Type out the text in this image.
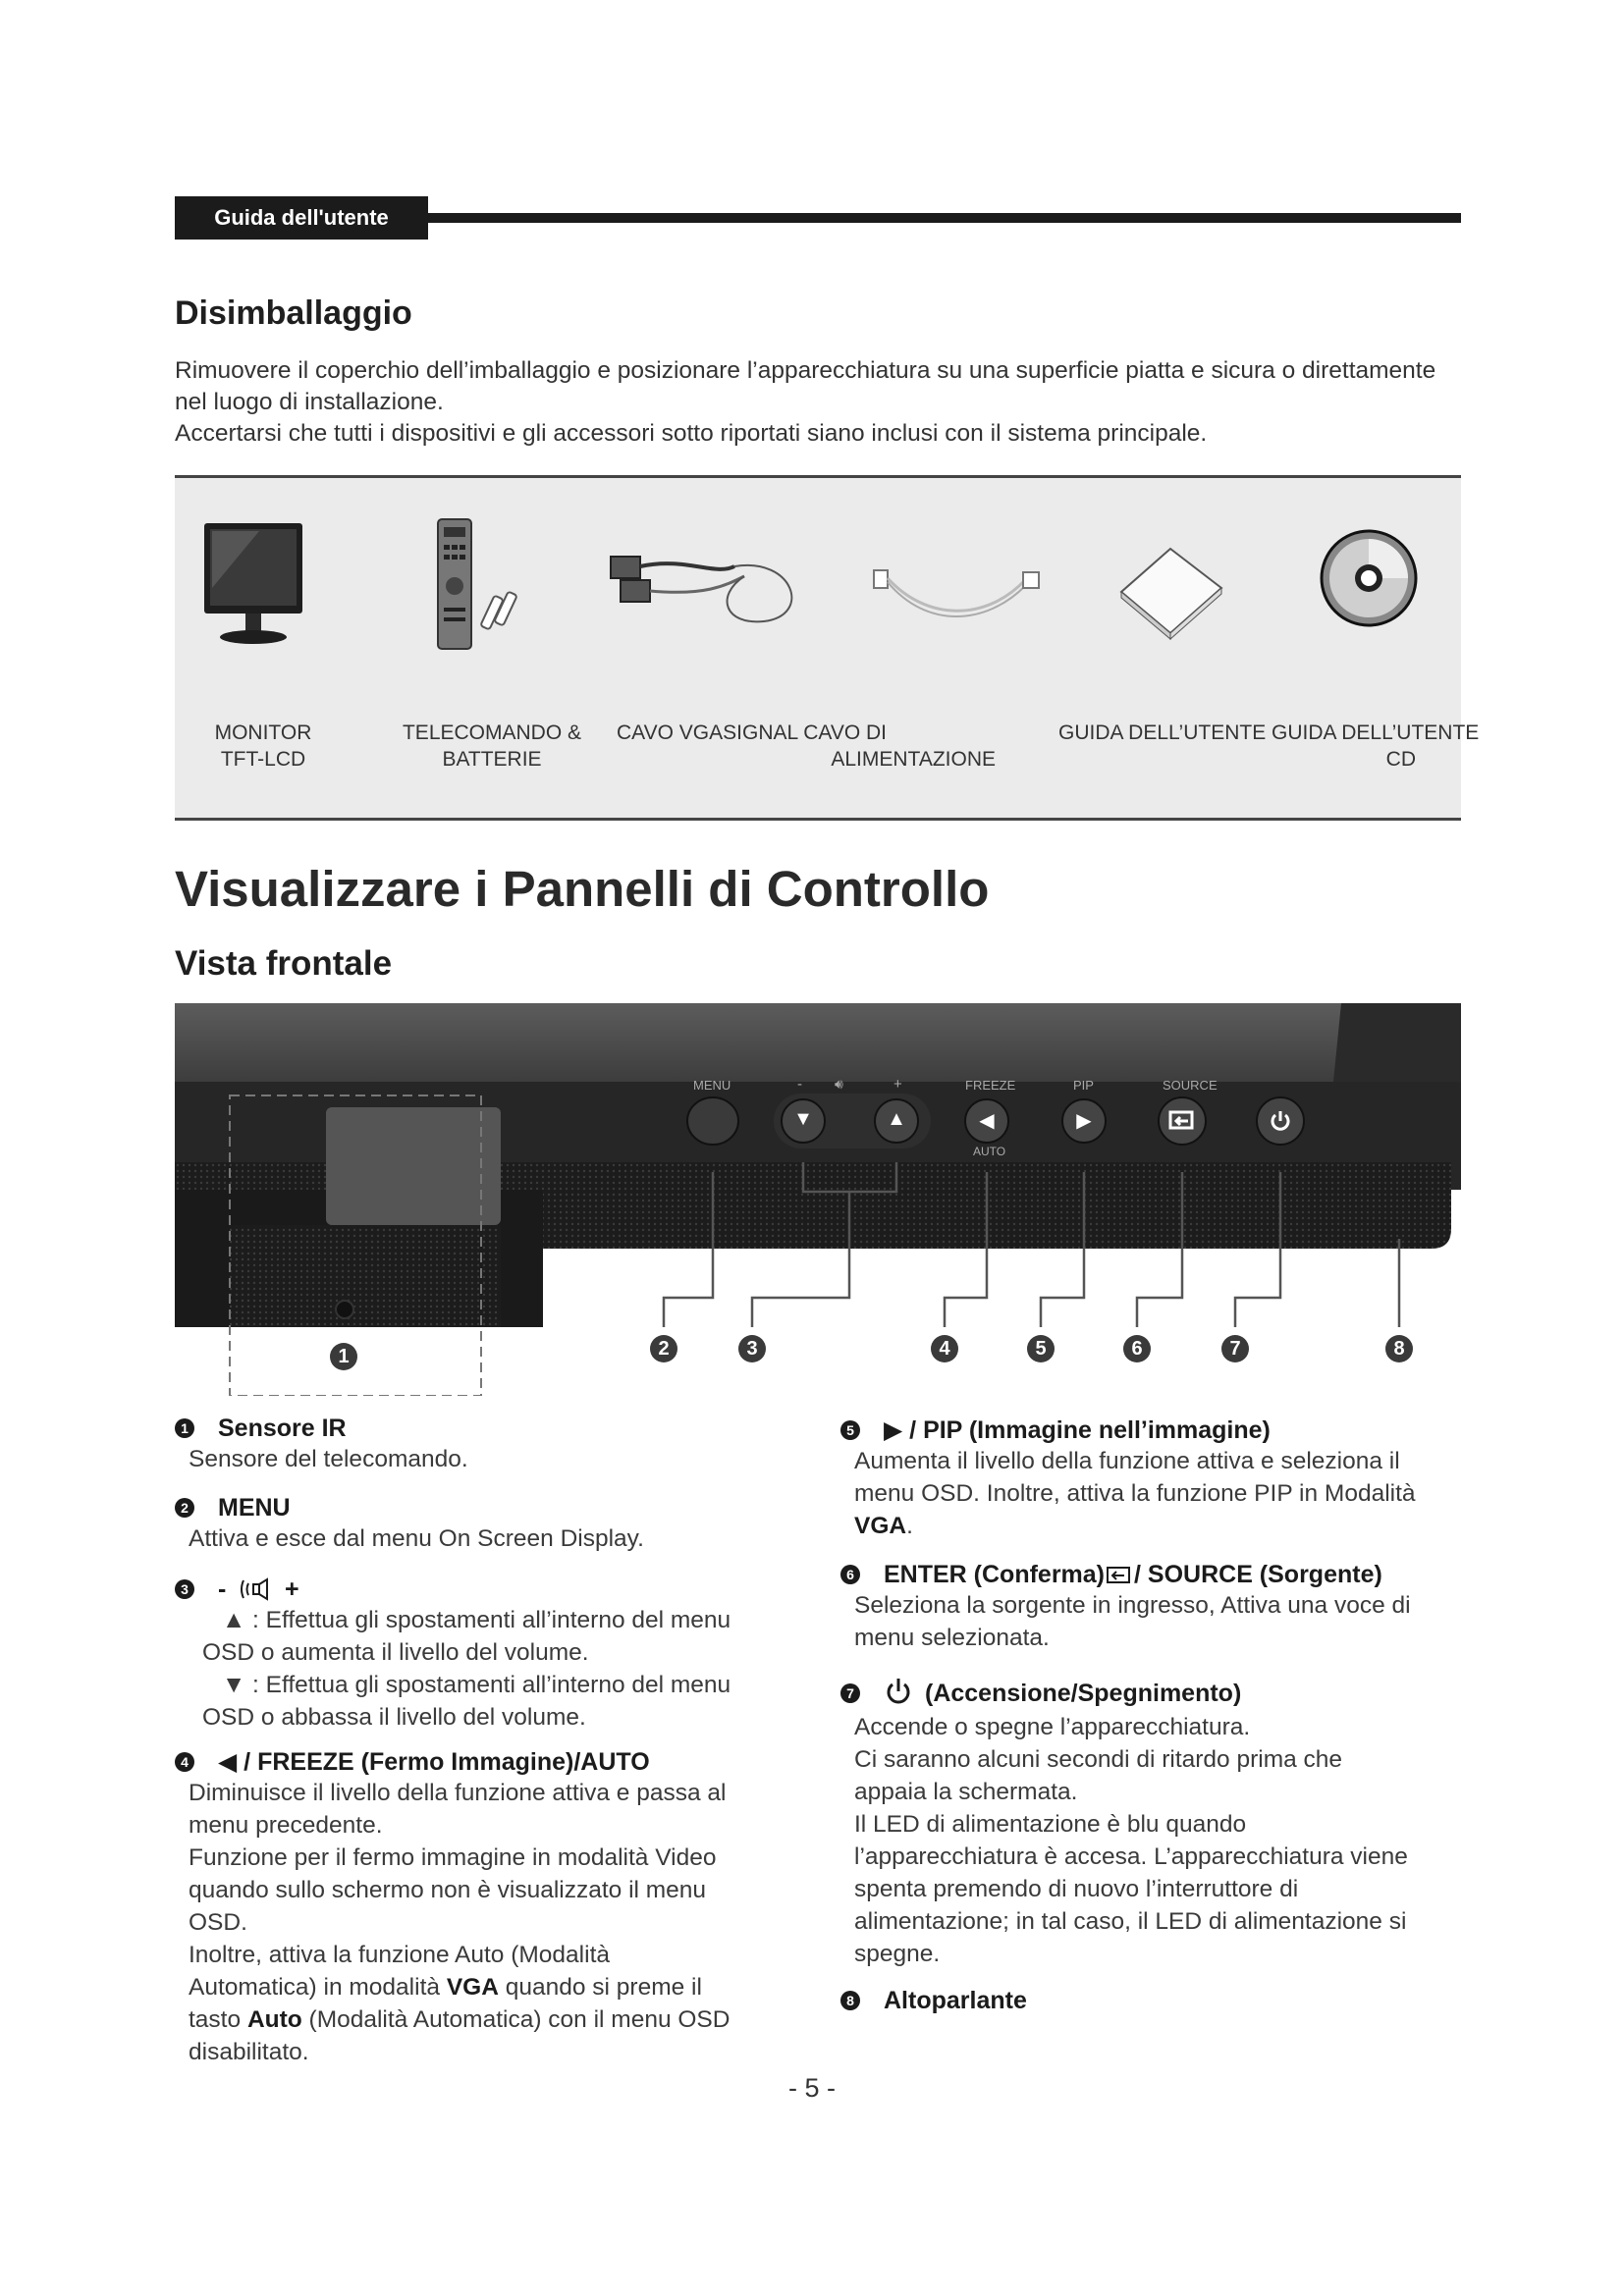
Guida dell'utente
Disimballaggio
Rimuovere il coperchio dell’imballaggio e posizionare l’apparecchiatura su una superficie piatta e sicura o direttamente nel luogo di installazione.
Accertarsi che tutti i dispositivi e gli accessori sotto riportati siano inclusi con il sistema principale.
MONITOR
TFT-LCD
TELECOMANDO &
BATTERIE
CAVO VGASIGNAL CAVO DI
ALIMENTAZIONE
GUIDA DELL’UTENTE GUIDA DELL’UTENTE
CD
Visualizzare i Pannelli di Controllo
Vista frontale
▼	▲	◀	▶
MENU	- 🔊︎	+	FREEZE	PIP	SOURCE
AUTO
1	2	3	4	5	6	7	8
1 Sensore IR
Sensore del telecomando.
2 MENU
Attiva e esce dal menu On Screen Display.
3 - +
▲ : Effettua gli spostamenti all’interno del menu
OSD o aumenta il livello del volume.
▼ : Effettua gli spostamenti all’interno del menu
OSD o abbassa il livello del volume.
4 ◀ / FREEZE (Fermo Immagine)/AUTO
Diminuisce il livello della funzione attiva e passa al menu precedente.
Funzione per il fermo immagine in modalità Video quando sullo schermo non è visualizzato il menu OSD.
Inoltre, attiva la funzione Auto (Modalità Automatica) in modalità VGA quando si preme il tasto Auto (Modalità Automatica) con il menu OSD disabilitato.
5 ▶ / PIP (Immagine nell’immagine)
Aumenta il livello della funzione attiva e seleziona il menu OSD. Inoltre, attiva la funzione PIP in Modalità VGA.
6 ENTER (Conferma) / SOURCE (Sorgente)
Seleziona la sorgente in ingresso, Attiva una voce di menu selezionata.
7	(Accensione/Spegnimento)
Accende o spegne l’apparecchiatura.
Ci saranno alcuni secondi di ritardo prima che appaia la schermata.
Il LED di alimentazione è blu quando l’apparecchiatura è accesa. L’apparecchiatura viene spenta premendo di nuovo l’interruttore di alimentazione; in tal caso, il LED di alimentazione si spegne.
8 Altoparlante
- 5 -
